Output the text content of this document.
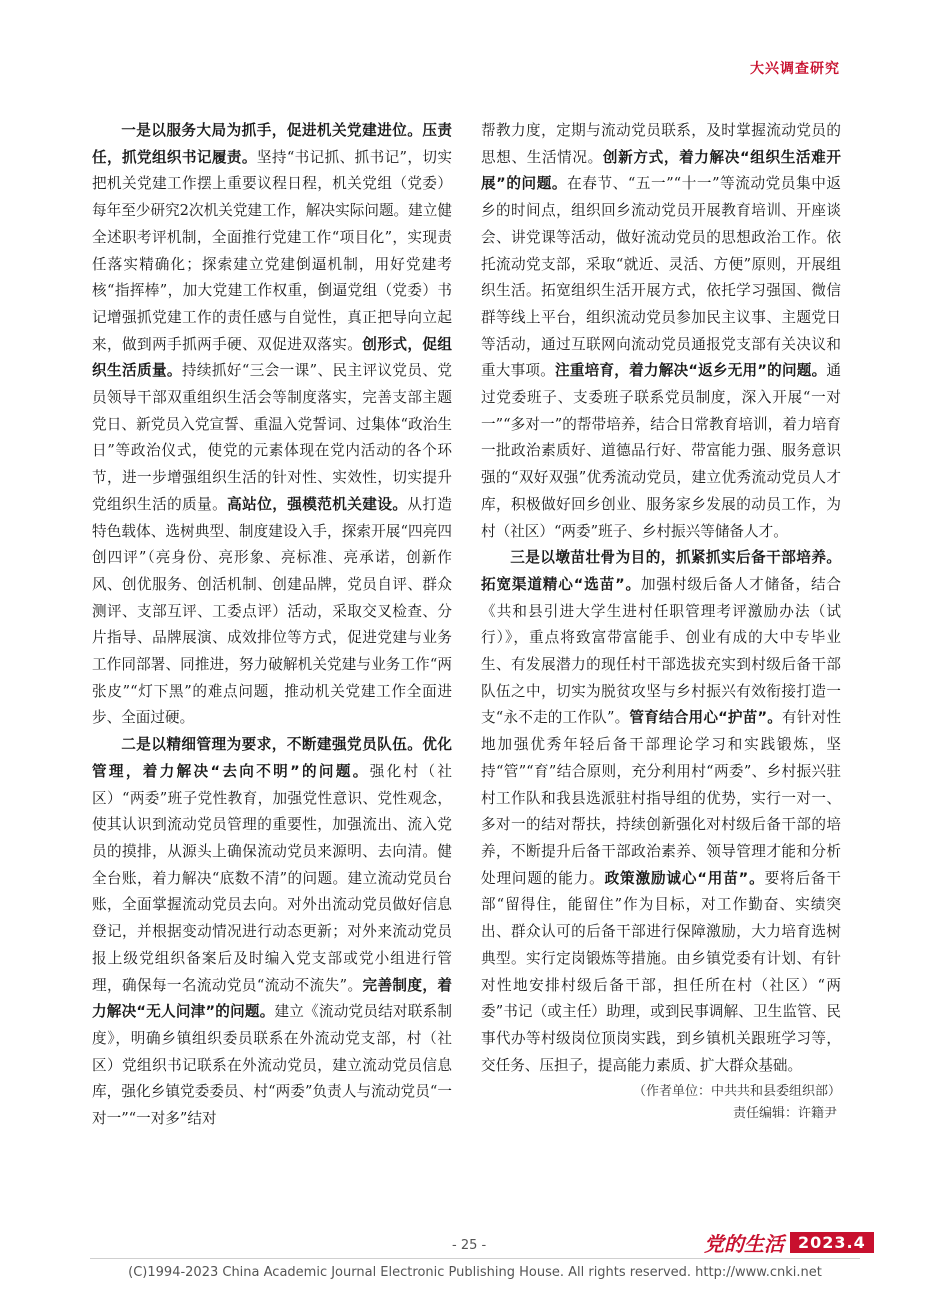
大兴调查研究

一是以服务大局为抓手，促进机关党建进位。压责任，抓党组织书记履责。坚持“书记抓、抓书记”，切实把机关党建工作摆上重要议程日程，机关党组（党委）每年至少研究2次机关党建工作，解决实际问题。建立健全述职考评机制，全面推行党建工作“项目化”，实现责任落实精确化；探索建立党建倒逼机制，用好党建考核“指挥棒”，加大党建工作权重，倒逼党组（党委）书记增强抓党建工作的责任感与自觉性，真正把导向立起来，做到两手抓两手硬、双促进双落实。创形式，促组织生活质量。持续抓好“三会一课”、民主评议党员、党员领导干部双重组织生活会等制度落实，完善支部主题党日、新党员入党宣誓、重温入党誓词、过集体“政治生日”等政治仪式，使党的元素体现在党内活动的各个环节，进一步增强组织生活的针对性、实效性，切实提升党组织生活的质量。高站位，强模范机关建设。从打造特色载体、选树典型、制度建设入手，探索开展“四亮四创四评”（亮身份、亮形象、亮标准、亮承诺，创新作风、创优服务、创活机制、创建品牌，党员自评、群众测评、支部互评、工委点评）活动，采取交叉检查、分片指导、品牌展演、成效排位等方式，促进党建与业务工作同部署、同推进，努力破解机关党建与业务工作“两张皮”“灯下黑”的难点问题，推动机关党建工作全面进步、全面过硬。

二是以精细管理为要求，不断建强党员队伍。优化管理，着力解决“去向不明”的问题。强化村（社区）“两委”班子党性教育，加强党性意识、党性观念，使其认识到流动党员管理的重要性，加强流出、流入党员的摸排，从源头上确保流动党员来源明、去向清。健全台账，着力解决“底数不清”的问题。建立流动党员台账，全面掌握流动党员去向。对外出流动党员做好信息登记，并根据变动情况进行动态更新；对外来流动党员报上级党组织备案后及时编入党支部或党小组进行管理，确保每一名流动党员“流动不流失”。完善制度，着力解决“无人问津”的问题。建立《流动党员结对联系制度》，明确乡镇组织委员联系在外流动党支部，村（社区）党组织书记联系在外流动党员，建立流动党员信息库，强化乡镇党委委员、村“两委”负责人与流动党员“一对一”“一对多”结对

帮教力度，定期与流动党员联系，及时掌握流动党员的思想、生活情况。创新方式，着力解决“组织生活难开展”的问题。在春节、“五一”“十一”等流动党员集中返乡的时间点，组织回乡流动党员开展教育培训、开座谈会、讲党课等活动，做好流动党员的思想政治工作。依托流动党支部，采取“就近、灵活、方便”原则，开展组织生活。拓宽组织生活开展方式，依托学习强国、微信群等线上平台，组织流动党员参加民主议事、主题党日等活动，通过互联网向流动党员通报党支部有关决议和重大事项。注重培育，着力解决“返乡无用”的问题。通过党委班子、支委班子联系党员制度，深入开展“一对一”“多对一”的帮带培养，结合日常教育培训，着力培育一批政治素质好、道德品行好、带富能力强、服务意识强的“双好双强”优秀流动党员，建立优秀流动党员人才库，积极做好回乡创业、服务家乡发展的动员工作，为村（社区）“两委”班子、乡村振兴等储备人才。

三是以墩苗壮骨为目的，抓紧抓实后备干部培养。拓宽渠道精心“选苗”。加强村级后备人才储备，结合《共和县引进大学生进村任职管理考评激励办法（试行）》，重点将致富带富能手、创业有成的大中专毕业生、有发展潜力的现任村干部选拔充实到村级后备干部队伍之中，切实为脱贫攻坚与乡村振兴有效衔接打造一支“永不走的工作队”。管育结合用心“护苗”。有针对性地加强优秀年轻后备干部理论学习和实践锻炼，坚持“管”“育”结合原则，充分利用村“两委”、乡村振兴驻村工作队和我县选派驻村指导组的优势，实行一对一、多对一的结对帮扶，持续创新强化对村级后备干部的培养，不断提升后备干部政治素养、领导管理才能和分析处理问题的能力。政策激励诚心“用苗”。要将后备干部“留得住，能留住”作为目标，对工作勤奋、实绩突出、群众认可的后备干部进行保障激励，大力培育选树典型。实行定岗锻炼等措施。由乡镇党委有计划、有针对性地安排村级后备干部，担任所在村（社区）“两委”书记（或主任）助理，或到民事调解、卫生监管、民事代办等村级岗位顶岗实践，到乡镇机关跟班学习等，交任务、压担子，提高能力素质、扩大群众基础。

（作者单位：中共共和县委组织部）
责任编辑：许籍尹
- 25 -	党的生活 2023.4
(C)1994-2023 China Academic Journal Electronic Publishing House. All rights reserved. http://www.cnki.net
